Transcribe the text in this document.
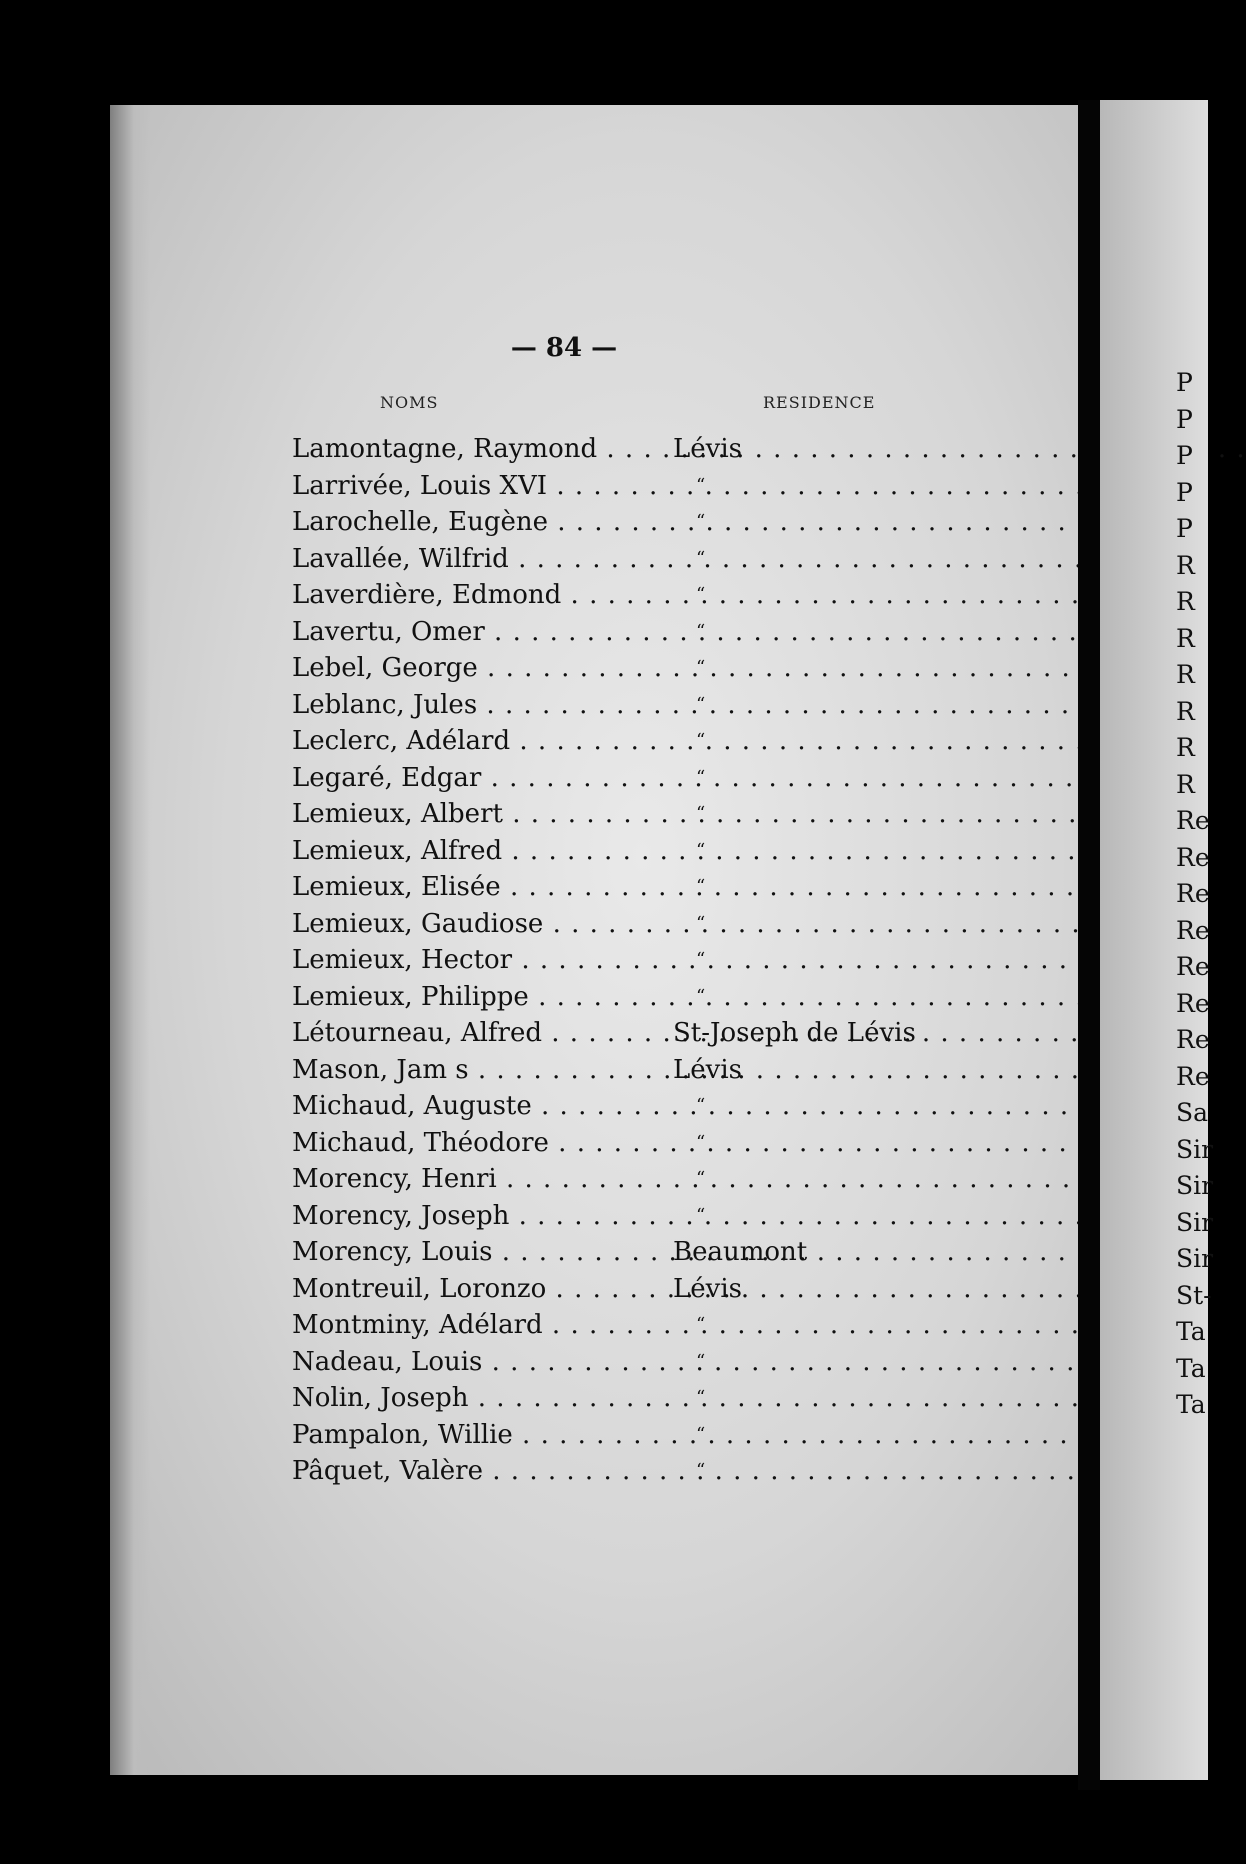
— 84 —
NOMS	RESIDENCE
Lamontagne, Raymond . . .	Lévis
Larrivée, Louis XVI . . .	“
Larochelle, Eugène . . .	“
Lavallée, Wilfrid . . .	“
Laverdière, Edmond . . .	“
Lavertu, Omer . . .	“
Lebel, George . . .	“
Leblanc, Jules . . .	“
Leclerc, Adélard . . .	“
Legaré, Edgar . . .	“
Lemieux, Albert . . .	“
Lemieux, Alfred . . .	“
Lemieux, Elisée . . .	“
Lemieux, Gaudiose . . .	“
Lemieux, Hector . . .	“
Lemieux, Philippe . . .	“
Létourneau, Alfred . . .	St-Joseph de Lévis
Mason, Jam s . . .	Lévis
Michaud, Auguste . . .	“
Michaud, Théodore . . .	“
Morency, Henri . . .	“
Morency, Joseph . . .	“
Morency, Louis . . .	Beaumont
Montreuil, Loronzo . . .	Lévis
Montminy, Adélard . . .	“
Nadeau, Louis . . .	“
Nolin, Joseph . . .	“
Pampalon, Willie . . .	“
Pâquet, Valère . . .	“
P
P
P
P
P
R
R
R
R
R
R
R
Re
Re
Re
Re
Re
Re
Re
Re
Sa
Sir
Sir
Sir
Sir
St-
Ta
Ta
Ta
